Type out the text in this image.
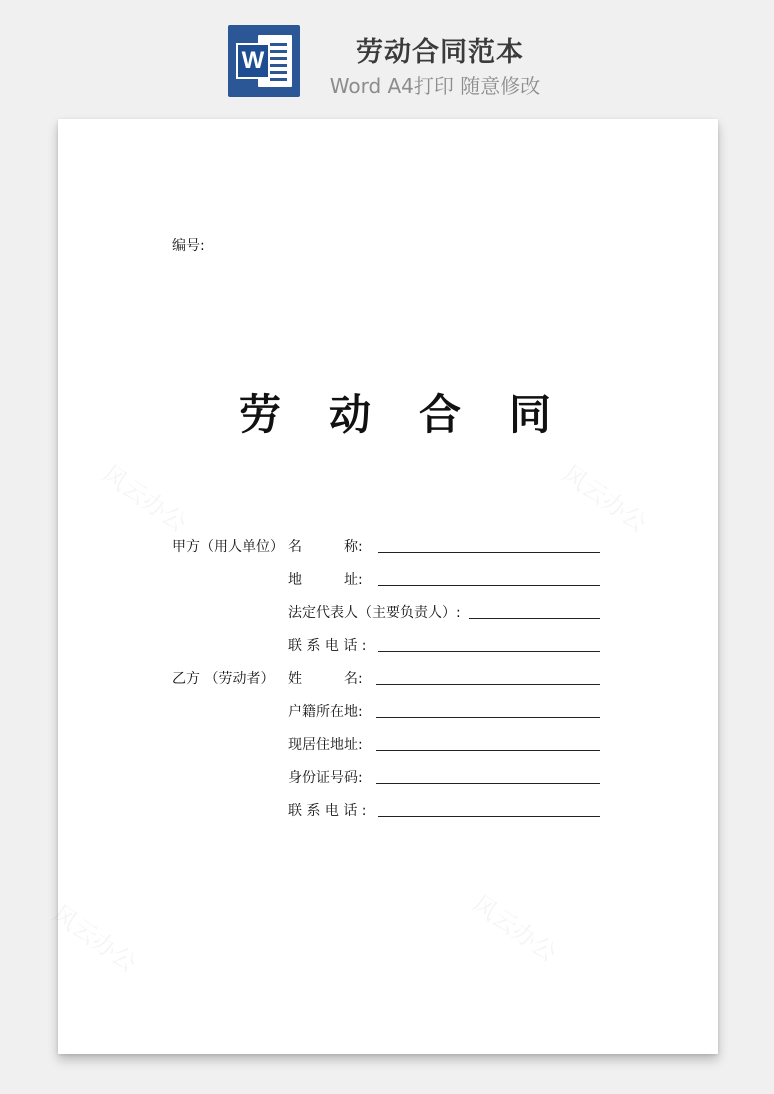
W	劳动合同范本
Word A4打印 随意修改
编号:
劳动合同
甲方（用人单位） 名　　　称:
地　　　址:
法定代表人（主要负责人）:
联 系 电 话 :
乙方 （劳动者） 姓　　　名:
户籍所在地:
现居住地址:
身份证号码:
联 系 电 话 :
